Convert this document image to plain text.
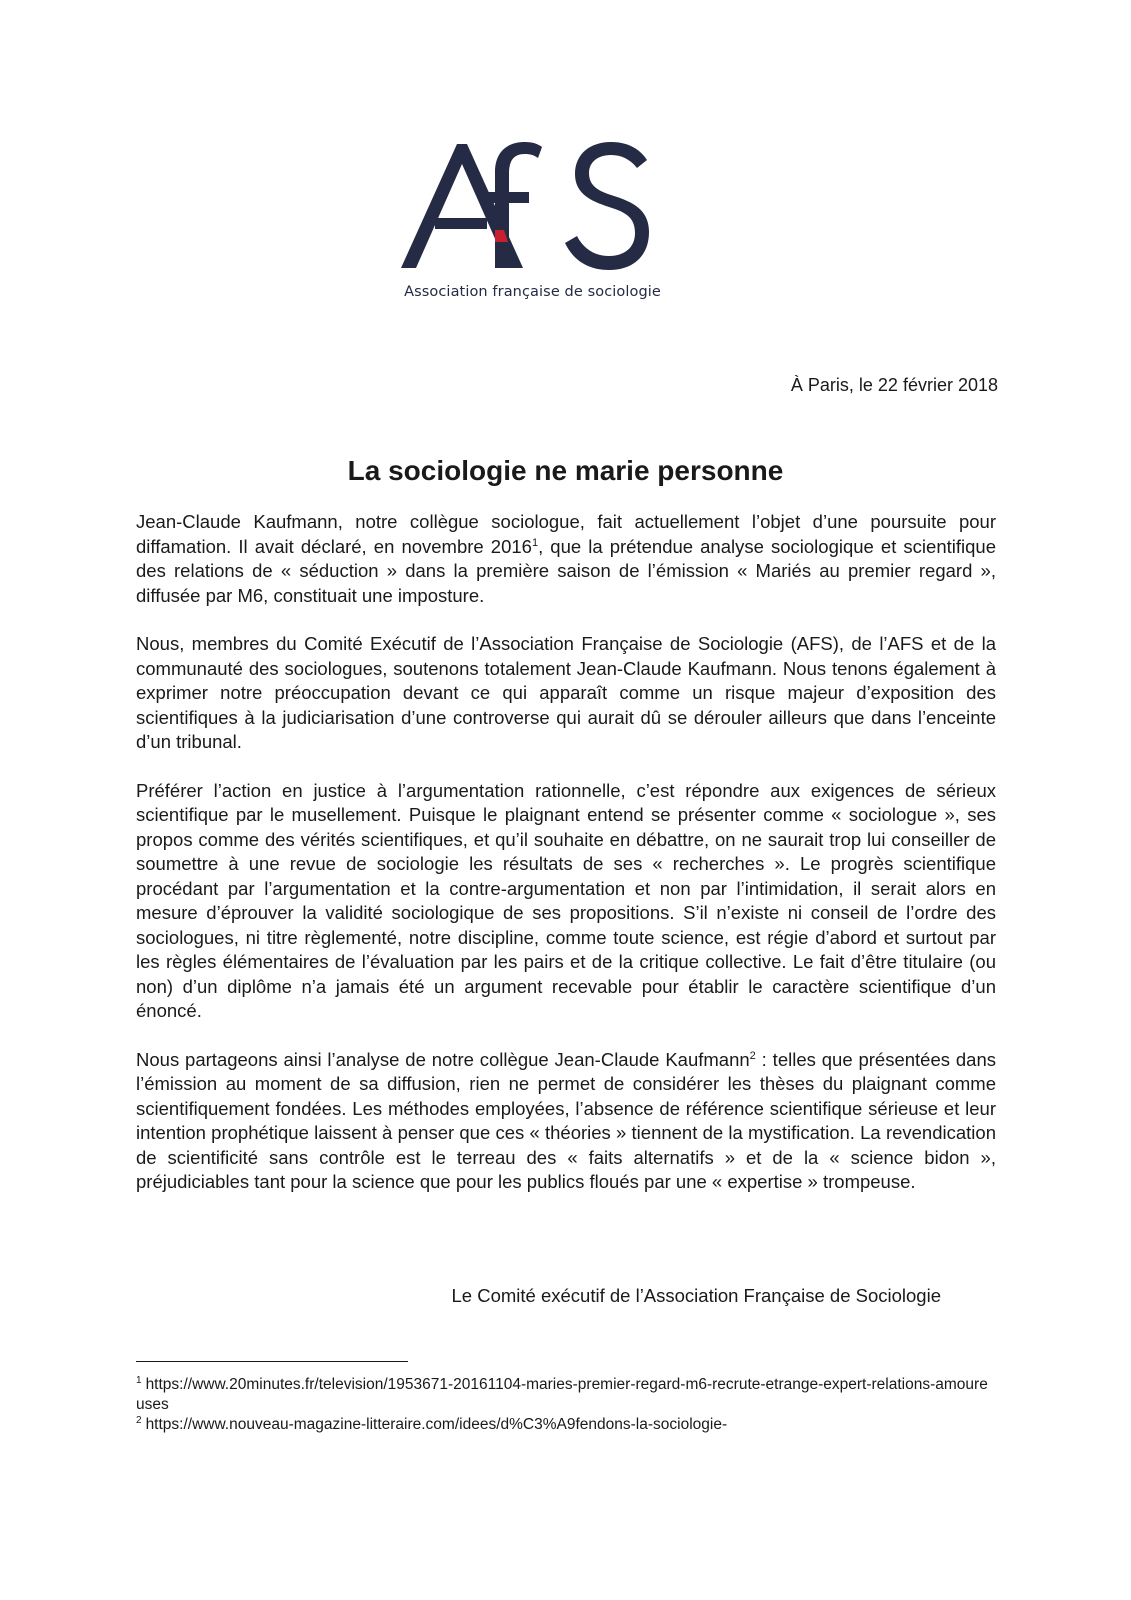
Association française de sociologie
À Paris, le 22 février 2018
La sociologie ne marie personne

Jean-Claude Kaufmann, notre collègue sociologue, fait actuellement l’objet d’une poursuite pour diffamation. Il avait déclaré, en novembre 2016$^1$, que la prétendue analyse sociologique et scientifique des relations de « séduction » dans la première saison de l’émission « Mariés au premier regard », diffusée par M6, constituait une imposture.

Nous, membres du Comité Exécutif de l’Association Française de Sociologie (AFS), de l’AFS et de la communauté des sociologues, soutenons totalement Jean-Claude Kaufmann. Nous tenons également à exprimer notre préoccupation devant ce qui apparaît comme un risque majeur d’exposition des scientifiques à la judiciarisation d’une controverse qui aurait dû se dérouler ailleurs que dans l’enceinte d’un tribunal.

Préférer l’action en justice à l’argumentation rationnelle, c’est répondre aux exigences de sérieux scientifique par le musellement. Puisque le plaignant entend se présenter comme « sociologue », ses propos comme des vérités scientifiques, et qu’il souhaite en débattre, on ne saurait trop lui conseiller de soumettre à une revue de sociologie les résultats de ses « recherches ». Le progrès scientifique procédant par l’argumentation et la contre-argumentation et non par l’intimidation, il serait alors en mesure d’éprouver la validité sociologique de ses propositions. S’il n’existe ni conseil de l’ordre des sociologues, ni titre règlementé, notre discipline, comme toute science, est régie d’abord et surtout par les règles élémentaires de l’évaluation par les pairs et de la critique collective. Le fait d’être titulaire (ou non) d’un diplôme n’a jamais été un argument recevable pour établir le caractère scientifique d’un énoncé.

Nous partageons ainsi l’analyse de notre collègue Jean-Claude Kaufmann$^2$ : telles que présentées dans l’émission au moment de sa diffusion, rien ne permet de considérer les thèses du plaignant comme scientifiquement fondées. Les méthodes employées, l’absence de référence scientifique sérieuse et leur intention prophétique laissent à penser que ces « théories » tiennent de la mystification. La revendication de scientificité sans contrôle est le terreau des « faits alternatifs » et de la « science bidon », préjudiciables tant pour la science que pour les publics floués par une « expertise » trompeuse.

Le Comité exécutif de l’Association Française de Sociologie

$^1$ https://www.20minutes.fr/television/1953671-20161104-maries-premier-regard-m6-recrute-etrange-expert-relations-amoureuses

$^2$ https://www.nouveau-magazine-litteraire.com/idees/d%C3%A9fendons-la-sociologie-
